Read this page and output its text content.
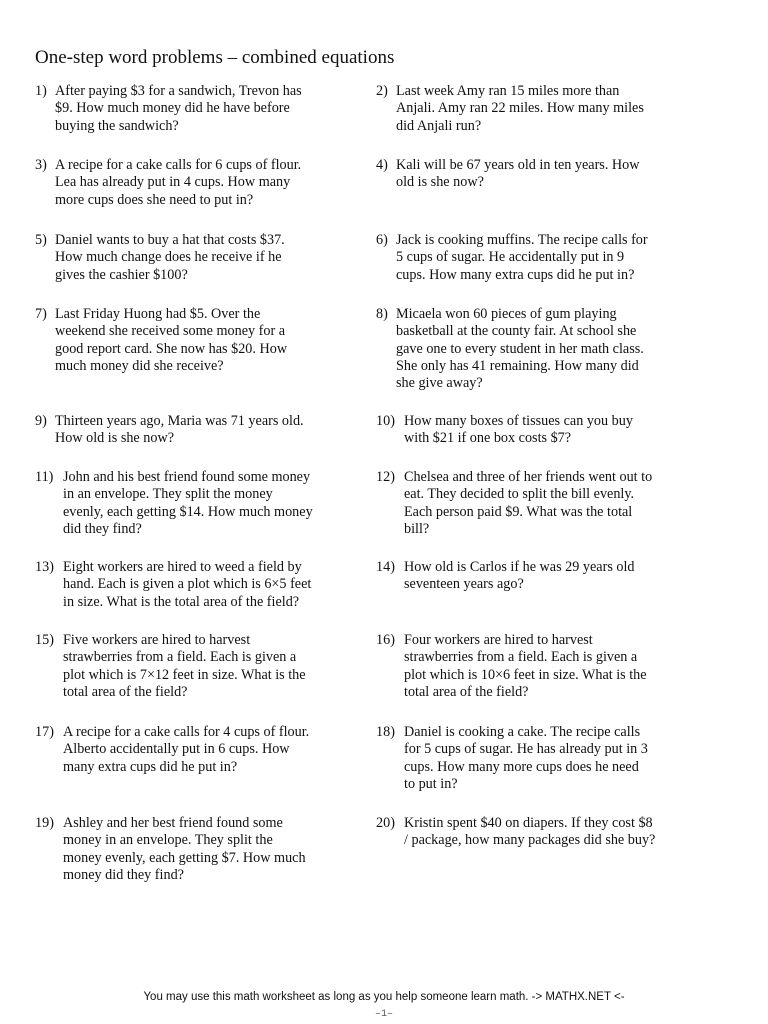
One-step word problems – combined equations
1) After paying $3 for a sandwich, Trevon has
$9. How much money did he have before
buying the sandwich?

3) A recipe for a cake calls for 6 cups of flour.
Lea has already put in 4 cups. How many
more cups does she need to put in?

5) Daniel wants to buy a hat that costs $37.
How much change does he receive if he
gives the cashier $100?

7) Last Friday Huong had $5. Over the
weekend she received some money for a
good report card. She now has $20. How
much money did she receive?

9) Thirteen years ago, Maria was 71 years old.
How old is she now?

11) John and his best friend found some money
in an envelope. They split the money
evenly, each getting $14. How much money
did they find?

13) Eight workers are hired to weed a field by
hand. Each is given a plot which is 6×5 feet
in size. What is the total area of the field?

15) Five workers are hired to harvest
strawberries from a field. Each is given a
plot which is 7×12 feet in size. What is the
total area of the field?

17) A recipe for a cake calls for 4 cups of flour.
Alberto accidentally put in 6 cups. How
many extra cups did he put in?

19) Ashley and her best friend found some
money in an envelope. They split the
money evenly, each getting $7. How much
money did they find?

2) Last week Amy ran 15 miles more than
Anjali. Amy ran 22 miles. How many miles
did Anjali run?

4) Kali will be 67 years old in ten years. How
old is she now?

6) Jack is cooking muffins. The recipe calls for
5 cups of sugar. He accidentally put in 9
cups. How many extra cups did he put in?

8) Micaela won 60 pieces of gum playing
basketball at the county fair. At school she
gave one to every student in her math class.
She only has 41 remaining. How many did
she give away?

10) How many boxes of tissues can you buy
with $21 if one box costs $7?

12) Chelsea and three of her friends went out to
eat. They decided to split the bill evenly.
Each person paid $9. What was the total
bill?

14) How old is Carlos if he was 29 years old
seventeen years ago?

16) Four workers are hired to harvest
strawberries from a field. Each is given a
plot which is 10×6 feet in size. What is the
total area of the field?

18) Daniel is cooking a cake. The recipe calls
for 5 cups of sugar. He has already put in 3
cups. How many more cups does he need
to put in?

20) Kristin spent $40 on diapers. If they cost $8
/ package, how many packages did she buy?

You may use this math worksheet as long as you help someone learn math. -> MATHX.NET <-
–1–
